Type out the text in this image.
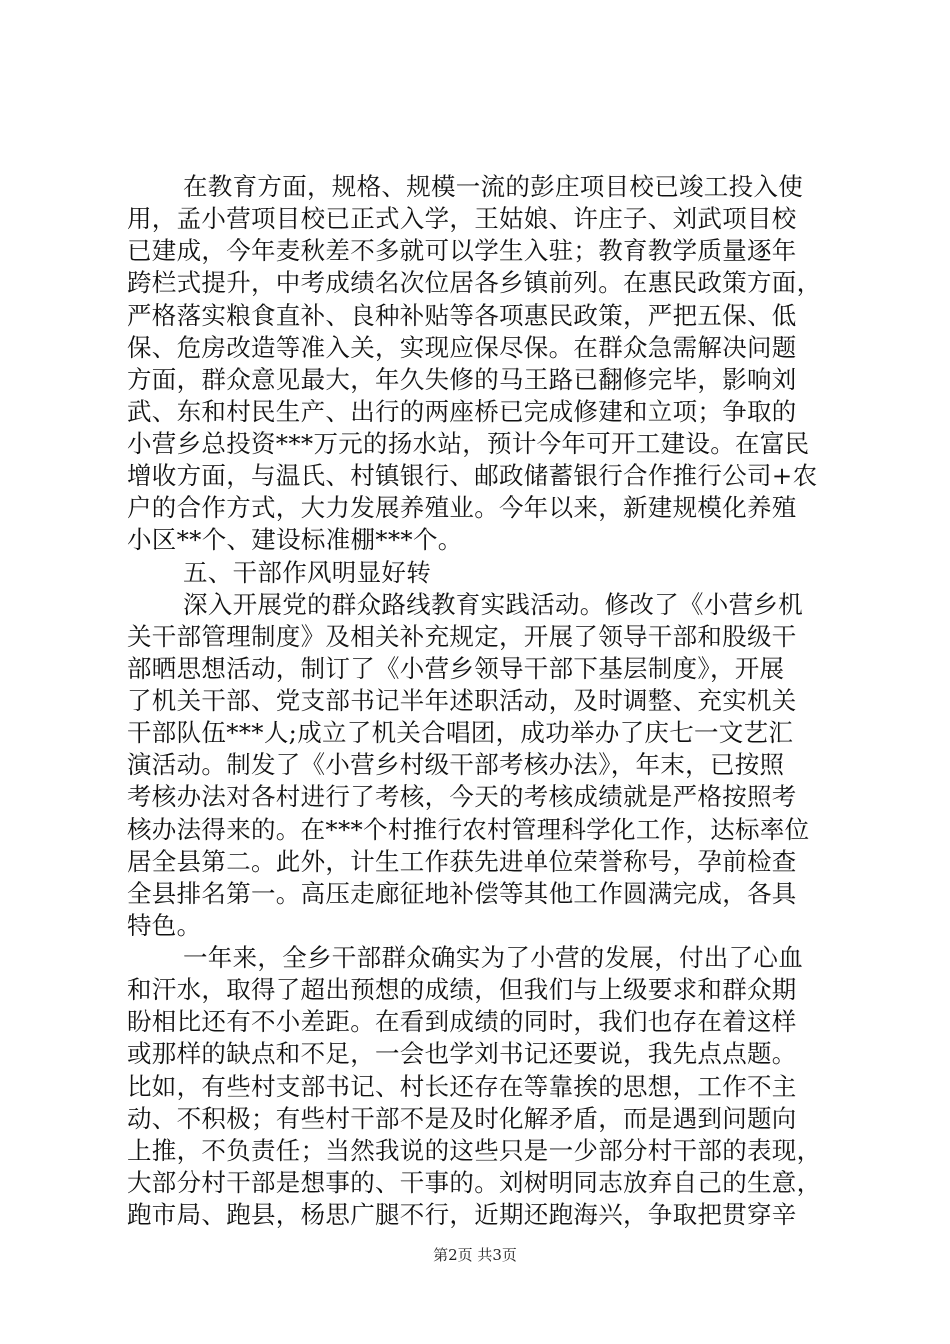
在教育方面，规格、规模一流的彭庄项目校已竣工投入使
用，孟小营项目校已正式入学，王姑娘、许庄子、刘武项目校
已建成，今年麦秋差不多就可以学生入驻；教育教学质量逐年
跨栏式提升，中考成绩名次位居各乡镇前列。在惠民政策方面，
严格落实粮食直补、良种补贴等各项惠民政策，严把五保、低
保、危房改造等准入关，实现应保尽保。在群众急需解决问题
方面，群众意见最大，年久失修的马王路已翻修完毕，影响刘
武、东和村民生产、出行的两座桥已完成修建和立项；争取的
小营乡总投资***万元的扬水站，预计今年可开工建设。在富民
增收方面，与温氏、村镇银行、邮政储蓄银行合作推行公司+农
户的合作方式，大力发展养殖业。今年以来，新建规模化养殖
小区**个、建设标准棚***个。
五、干部作风明显好转
深入开展党的群众路线教育实践活动。修改了《小营乡机
关干部管理制度》及相关补充规定，开展了领导干部和股级干
部晒思想活动，制订了《小营乡领导干部下基层制度》，开展
了机关干部、党支部书记半年述职活动，及时调整、充实机关
干部队伍***人;成立了机关合唱团，成功举办了庆七一文艺汇
演活动。制发了《小营乡村级干部考核办法》，年末，已按照
考核办法对各村进行了考核，今天的考核成绩就是严格按照考
核办法得来的。在***个村推行农村管理科学化工作，达标率位
居全县第二。此外，计生工作获先进单位荣誉称号，孕前检查
全县排名第一。高压走廊征地补偿等其他工作圆满完成，各具
特色。
一年来，全乡干部群众确实为了小营的发展，付出了心血
和汗水，取得了超出预想的成绩，但我们与上级要求和群众期
盼相比还有不小差距。在看到成绩的同时，我们也存在着这样
或那样的缺点和不足，一会也学刘书记还要说，我先点点题。
比如，有些村支部书记、村长还存在等靠挨的思想，工作不主
动、不积极；有些村干部不是及时化解矛盾，而是遇到问题向
上推，不负责任；当然我说的这些只是一少部分村干部的表现，
大部分村干部是想事的、干事的。刘树明同志放弃自己的生意，
跑市局、跑县，杨思广腿不行，近期还跑海兴，争取把贯穿辛
第2页 共3页
